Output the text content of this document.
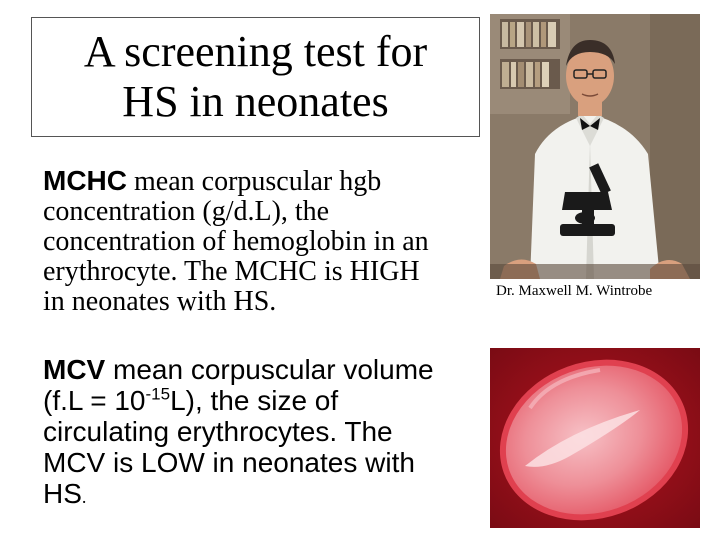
A screening test for
HS in neonates
MCHC mean corpuscular hgb
concentration (g/d.L), the
concentration of hemoglobin in an
erythrocyte. The MCHC is HIGH
in neonates with HS.
MCV mean corpuscular volume
$(f.L = 10^{-15}L)$, the size of
circulating erythrocytes. The
MCV is LOW in neonates with
HS.
Dr. Maxwell M. Wintrobe
